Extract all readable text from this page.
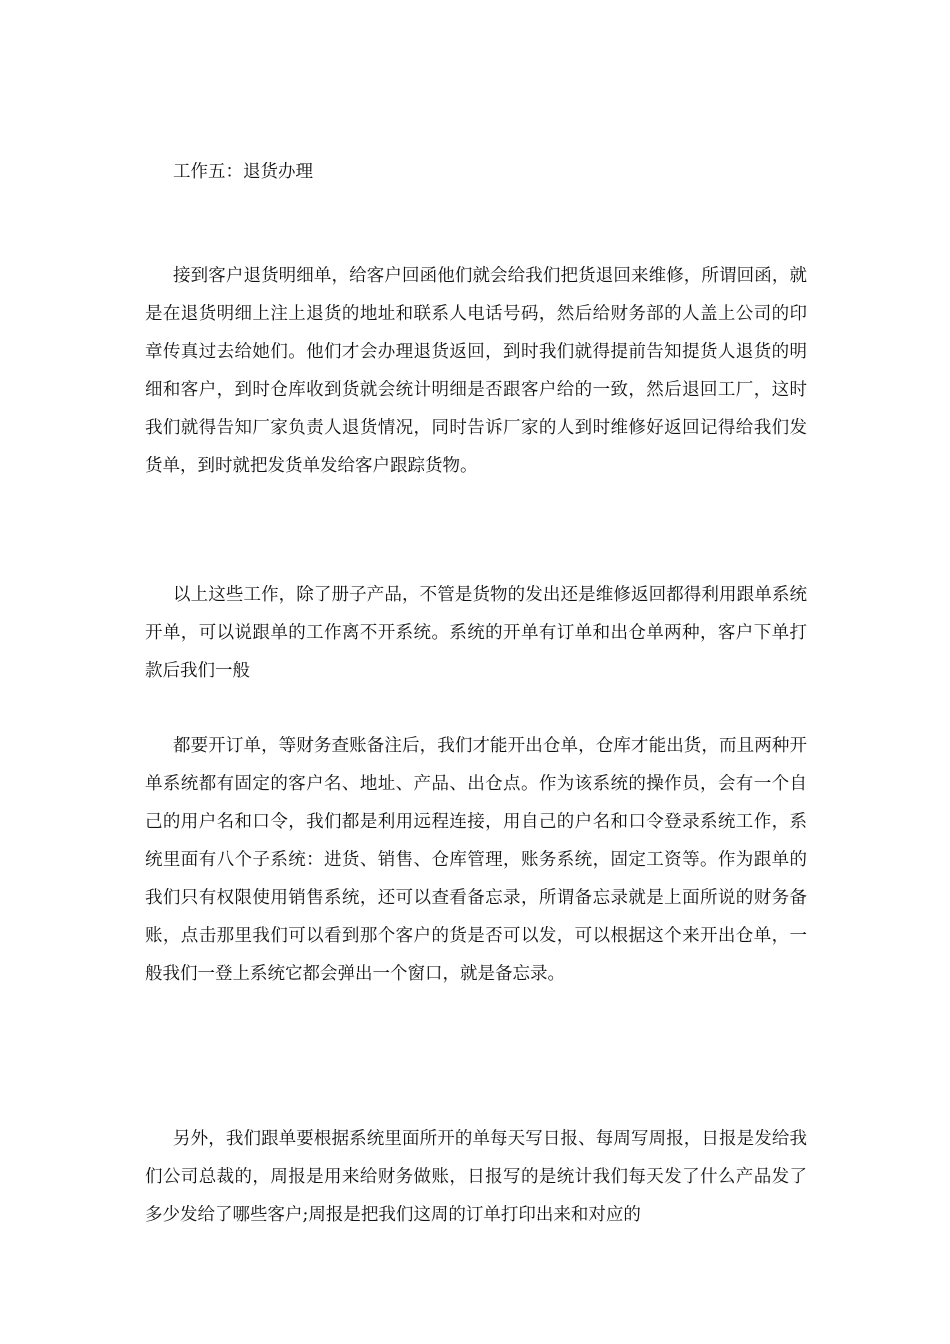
工作五：退货办理

接到客户退货明细单，给客户回函他们就会给我们把货退回来维修，所谓回函，就是在退货明细上注上退货的地址和联系人电话号码，然后给财务部的人盖上公司的印章传真过去给她们。他们才会办理退货返回，到时我们就得提前告知提货人退货的明细和客户，到时仓库收到货就会统计明细是否跟客户给的一致，然后退回工厂，这时我们就得告知厂家负责人退货情况，同时告诉厂家的人到时维修好返回记得给我们发货单，到时就把发货单发给客户跟踪货物。

以上这些工作，除了册子产品，不管是货物的发出还是维修返回都得利用跟单系统开单，可以说跟单的工作离不开系统。系统的开单有订单和出仓单两种，客户下单打款后我们一般

都要开订单，等财务查账备注后，我们才能开出仓单，仓库才能出货，而且两种开单系统都有固定的客户名、地址、产品、出仓点。作为该系统的操作员，会有一个自己的用户名和口令，我们都是利用远程连接，用自己的户名和口令登录系统工作，系统里面有八个子系统：进货、销售、仓库管理，账务系统，固定工资等。作为跟单的我们只有权限使用销售系统，还可以查看备忘录，所谓备忘录就是上面所说的财务备账，点击那里我们可以看到那个客户的货是否可以发，可以根据这个来开出仓单，一般我们一登上系统它都会弹出一个窗口，就是备忘录。

另外，我们跟单要根据系统里面所开的单每天写日报、每周写周报，日报是发给我们公司总裁的，周报是用来给财务做账，日报写的是统计我们每天发了什么产品发了多少发给了哪些客户;周报是把我们这周的订单打印出来和对应的
